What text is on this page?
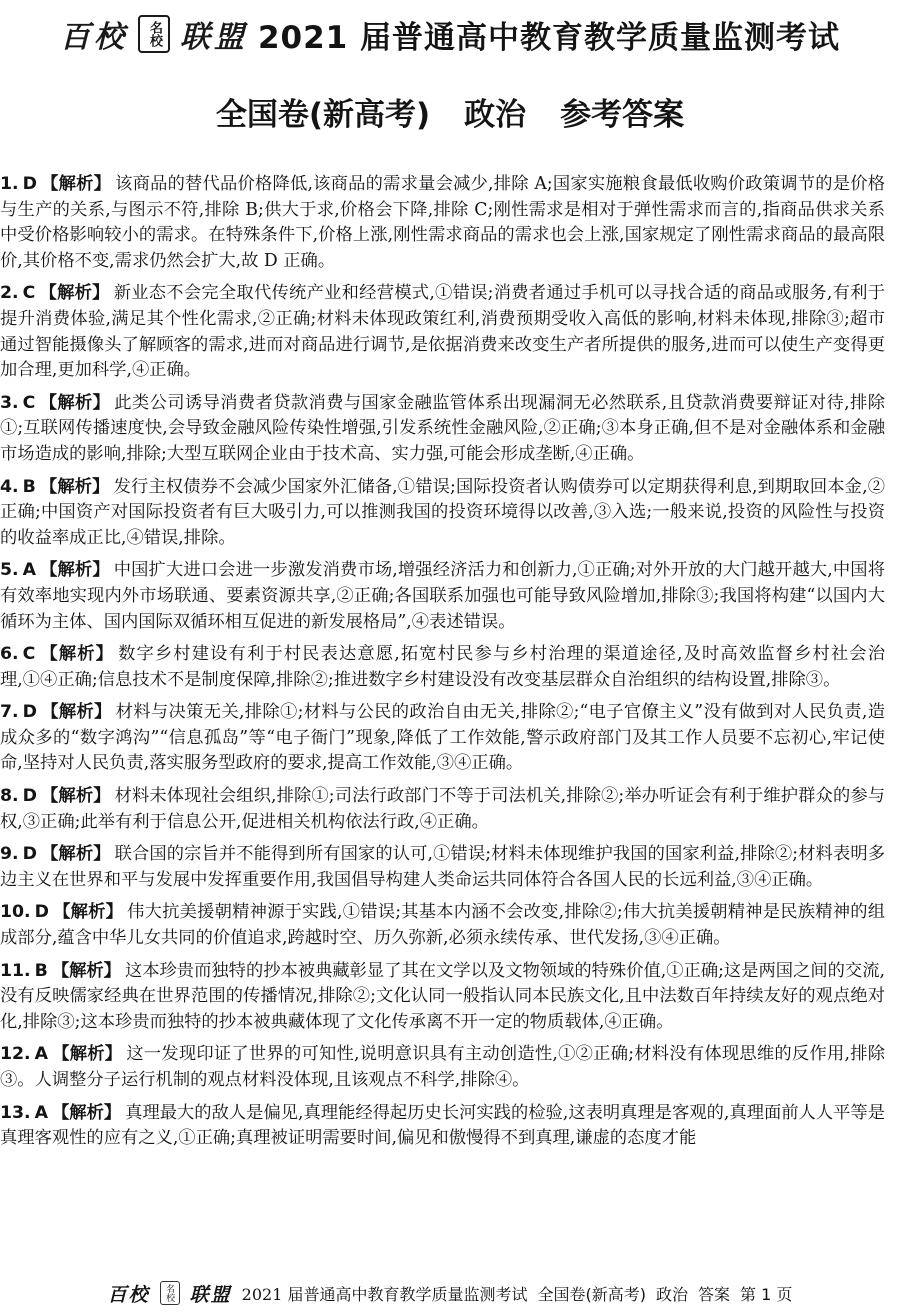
百校	名校 联盟 2021 届普通高中教育教学质量监测考试
全国卷(新高考) 政治 参考答案
1. D 【解析】 该商品的替代品价格降低,该商品的需求量会减少,排除 A;国家实施粮食最低收购价政策调节的是价格与生产的关系,与图示不符,排除 B;供大于求,价格会下降,排除 C;刚性需求是相对于弹性需求而言的,指商品供求关系中受价格影响较小的需求。在特殊条件下,价格上涨,刚性需求商品的需求也会上涨,国家规定了刚性需求商品的最高限价,其价格不变,需求仍然会扩大,故 D 正确。
2. C 【解析】 新业态不会完全取代传统产业和经营模式,①错误;消费者通过手机可以寻找合适的商品或服务,有利于提升消费体验,满足其个性化需求,②正确;材料未体现政策红利,消费预期受收入高低的影响,材料未体现,排除③;超市通过智能摄像头了解顾客的需求,进而对商品进行调节,是依据消费来改变生产者所提供的服务,进而可以使生产变得更加合理,更加科学,④正确。
3. C 【解析】 此类公司诱导消费者贷款消费与国家金融监管体系出现漏洞无必然联系,且贷款消费要辩证对待,排除①;互联网传播速度快,会导致金融风险传染性增强,引发系统性金融风险,②正确;③本身正确,但不是对金融体系和金融市场造成的影响,排除;大型互联网企业由于技术高、实力强,可能会形成垄断,④正确。
4. B 【解析】 发行主权债券不会减少国家外汇储备,①错误;国际投资者认购债券可以定期获得利息,到期取回本金,②正确;中国资产对国际投资者有巨大吸引力,可以推测我国的投资环境得以改善,③入选;一般来说,投资的风险性与投资的收益率成正比,④错误,排除。
5. A 【解析】 中国扩大进口会进一步激发消费市场,增强经济活力和创新力,①正确;对外开放的大门越开越大,中国将有效率地实现内外市场联通、要素资源共享,②正确;各国联系加强也可能导致风险增加,排除③;我国将构建“以国内大循环为主体、国内国际双循环相互促进的新发展格局”,④表述错误。
6. C 【解析】 数字乡村建设有利于村民表达意愿,拓宽村民参与乡村治理的渠道途径,及时高效监督乡村社会治理,①④正确;信息技术不是制度保障,排除②;推进数字乡村建设没有改变基层群众自治组织的结构设置,排除③。
7. D 【解析】 材料与决策无关,排除①;材料与公民的政治自由无关,排除②;“电子官僚主义”没有做到对人民负责,造成众多的“数字鸿沟”“信息孤岛”等“电子衙门”现象,降低了工作效能,警示政府部门及其工作人员要不忘初心,牢记使命,坚持对人民负责,落实服务型政府的要求,提高工作效能,③④正确。
8. D 【解析】 材料未体现社会组织,排除①;司法行政部门不等于司法机关,排除②;举办听证会有利于维护群众的参与权,③正确;此举有利于信息公开,促进相关机构依法行政,④正确。
9. D 【解析】 联合国的宗旨并不能得到所有国家的认可,①错误;材料未体现维护我国的国家利益,排除②;材料表明多边主义在世界和平与发展中发挥重要作用,我国倡导构建人类命运共同体符合各国人民的长远利益,③④正确。
10. D 【解析】 伟大抗美援朝精神源于实践,①错误;其基本内涵不会改变,排除②;伟大抗美援朝精神是民族精神的组成部分,蕴含中华儿女共同的价值追求,跨越时空、历久弥新,必须永续传承、世代发扬,③④正确。
11. B 【解析】 这本珍贵而独特的抄本被典藏彰显了其在文学以及文物领域的特殊价值,①正确;这是两国之间的交流,没有反映儒家经典在世界范围的传播情况,排除②;文化认同一般指认同本民族文化,且中法数百年持续友好的观点绝对化,排除③;这本珍贵而独特的抄本被典藏体现了文化传承离不开一定的物质载体,④正确。
12. A 【解析】 这一发现印证了世界的可知性,说明意识具有主动创造性,①②正确;材料没有体现思维的反作用,排除③。人调整分子运行机制的观点材料没体现,且该观点不科学,排除④。
13. A 【解析】 真理最大的敌人是偏见,真理能经得起历史长河实践的检验,这表明真理是客观的,真理面前人人平等是真理客观性的应有之义,①正确;真理被证明需要时间,偏见和傲慢得不到真理,谦虚的态度才能
百校	名校 联盟 2021 届普通高中教育教学质量监测考试 全国卷(新高考) 政治 答案 第 1 页
